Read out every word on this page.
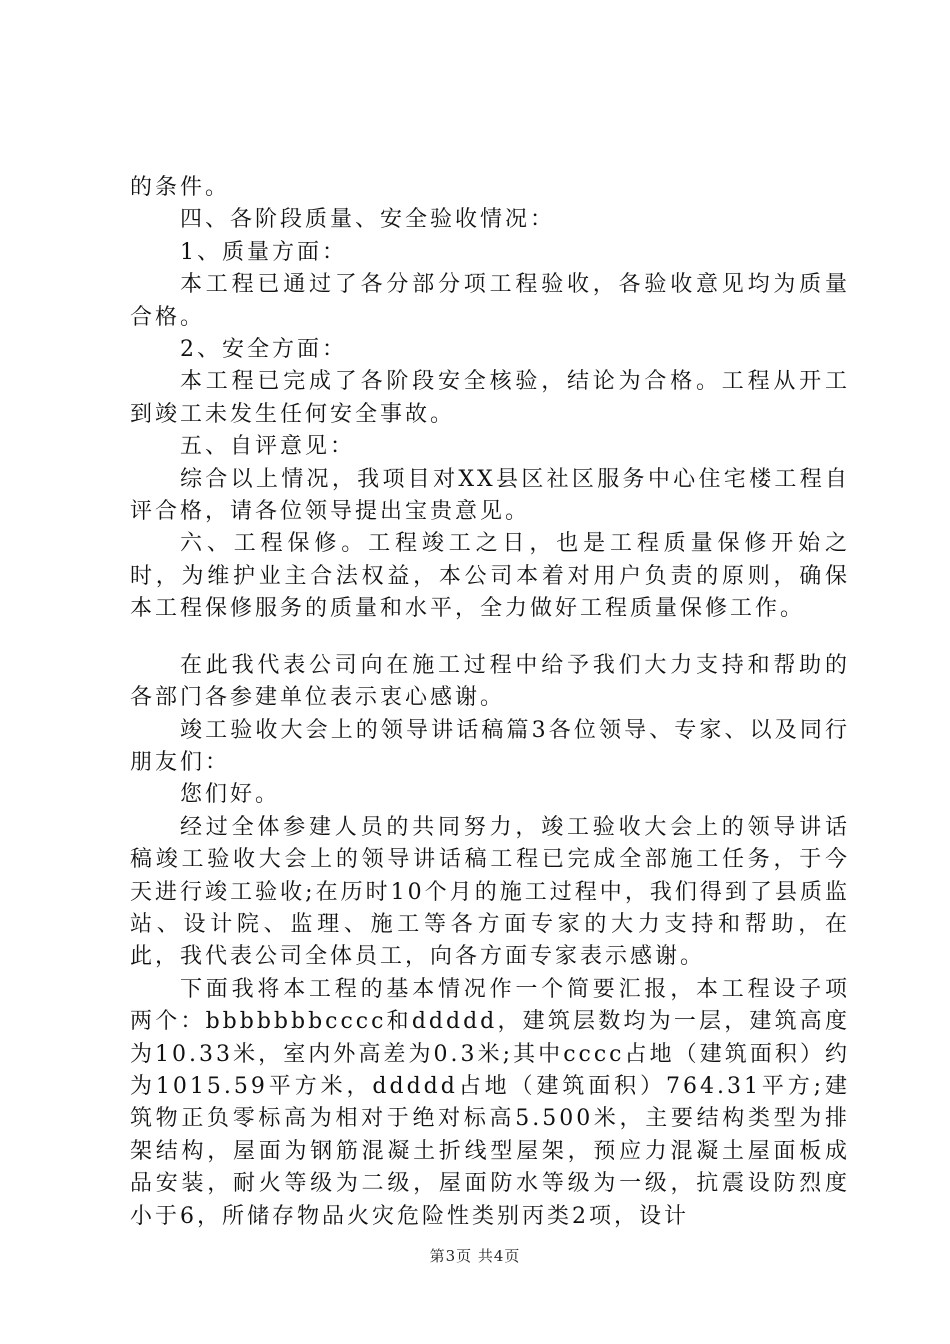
的条件。

四、各阶段质量、安全验收情况：

1、质量方面：

本工程已通过了各分部分项工程验收，各验收意见均为质量合格。

2、安全方面：

本工程已完成了各阶段安全核验，结论为合格。工程从开工到竣工未发生任何安全事故。

五、自评意见：

综合以上情况，我项目对XX县区社区服务中心住宅楼工程自评合格，请各位领导提出宝贵意见。

六、工程保修。工程竣工之日，也是工程质量保修开始之时，为维护业主合法权益，本公司本着对用户负责的原则，确保本工程保修服务的质量和水平，全力做好工程质量保修工作。

在此我代表公司向在施工过程中给予我们大力支持和帮助的各部门各参建单位表示衷心感谢。

竣工验收大会上的领导讲话稿篇3各位领导、专家、以及同行朋友们：

您们好。

经过全体参建人员的共同努力，竣工验收大会上的领导讲话稿竣工验收大会上的领导讲话稿工程已完成全部施工任务，于今天进行竣工验收;在历时10个月的施工过程中，我们得到了县质监站、设计院、监理、施工等各方面专家的大力支持和帮助，在此，我代表公司全体员工，向各方面专家表示感谢。

下面我将本工程的基本情况作一个简要汇报，本工程设子项两个：bbbbbbbcccc和ddddd，建筑层数均为一层，建筑高度为10.33米，室内外高差为0.3米;其中cccc占地（建筑面积）约为1015.59平方米，ddddd占地（建筑面积）764.31平方;建筑物正负零标高为相对于绝对标高5.500米，主要结构类型为排架结构，屋面为钢筋混凝土折线型屋架，预应力混凝土屋面板成品安装，耐火等级为二级，屋面防水等级为一级，抗震设防烈度小于6，所储存物品火灾危险性类别丙类2项，设计

第3页 共4页
